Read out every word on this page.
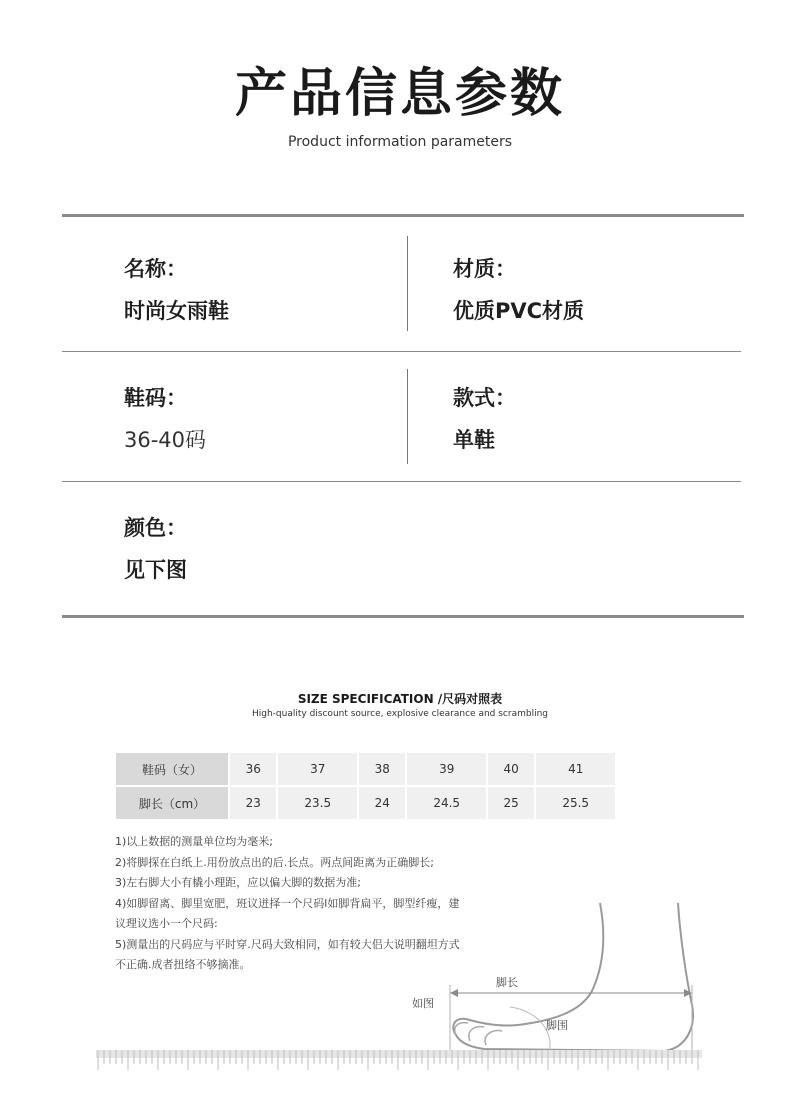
产品信息参数
Product information parameters
名称：
时尚女雨鞋
材质：
优质PVC材质
鞋码：
36-40码
款式：
单鞋
颜色：
见下图
SIZE SPECIFICATION /尺码对照表
High-quality discount source, explosive clearance and scrambling
鞋码（女）	36	37	38	39	40	41
脚长（cm）	23	23.5	24	24.5	25	25.5
1)以上数据的测量单位均为毫米;
2)将脚探在白纸上.用份放点出的后.长点。两点间距离为正确脚长;
3)左右脚大小有橇小理距，应以偏大脚的数据为准;
4)如脚留离、脚里宽肥，班议迸择一个尺码l如脚背扁平，脚型纤瘦，建
议理议选小一个尺码:
5)测量出的尺码应与平时穿.尺码大致相同，如有较大侣大说明翻坦方式
不正确.成者扭络不够摘准。
脚长
如图
脚围
